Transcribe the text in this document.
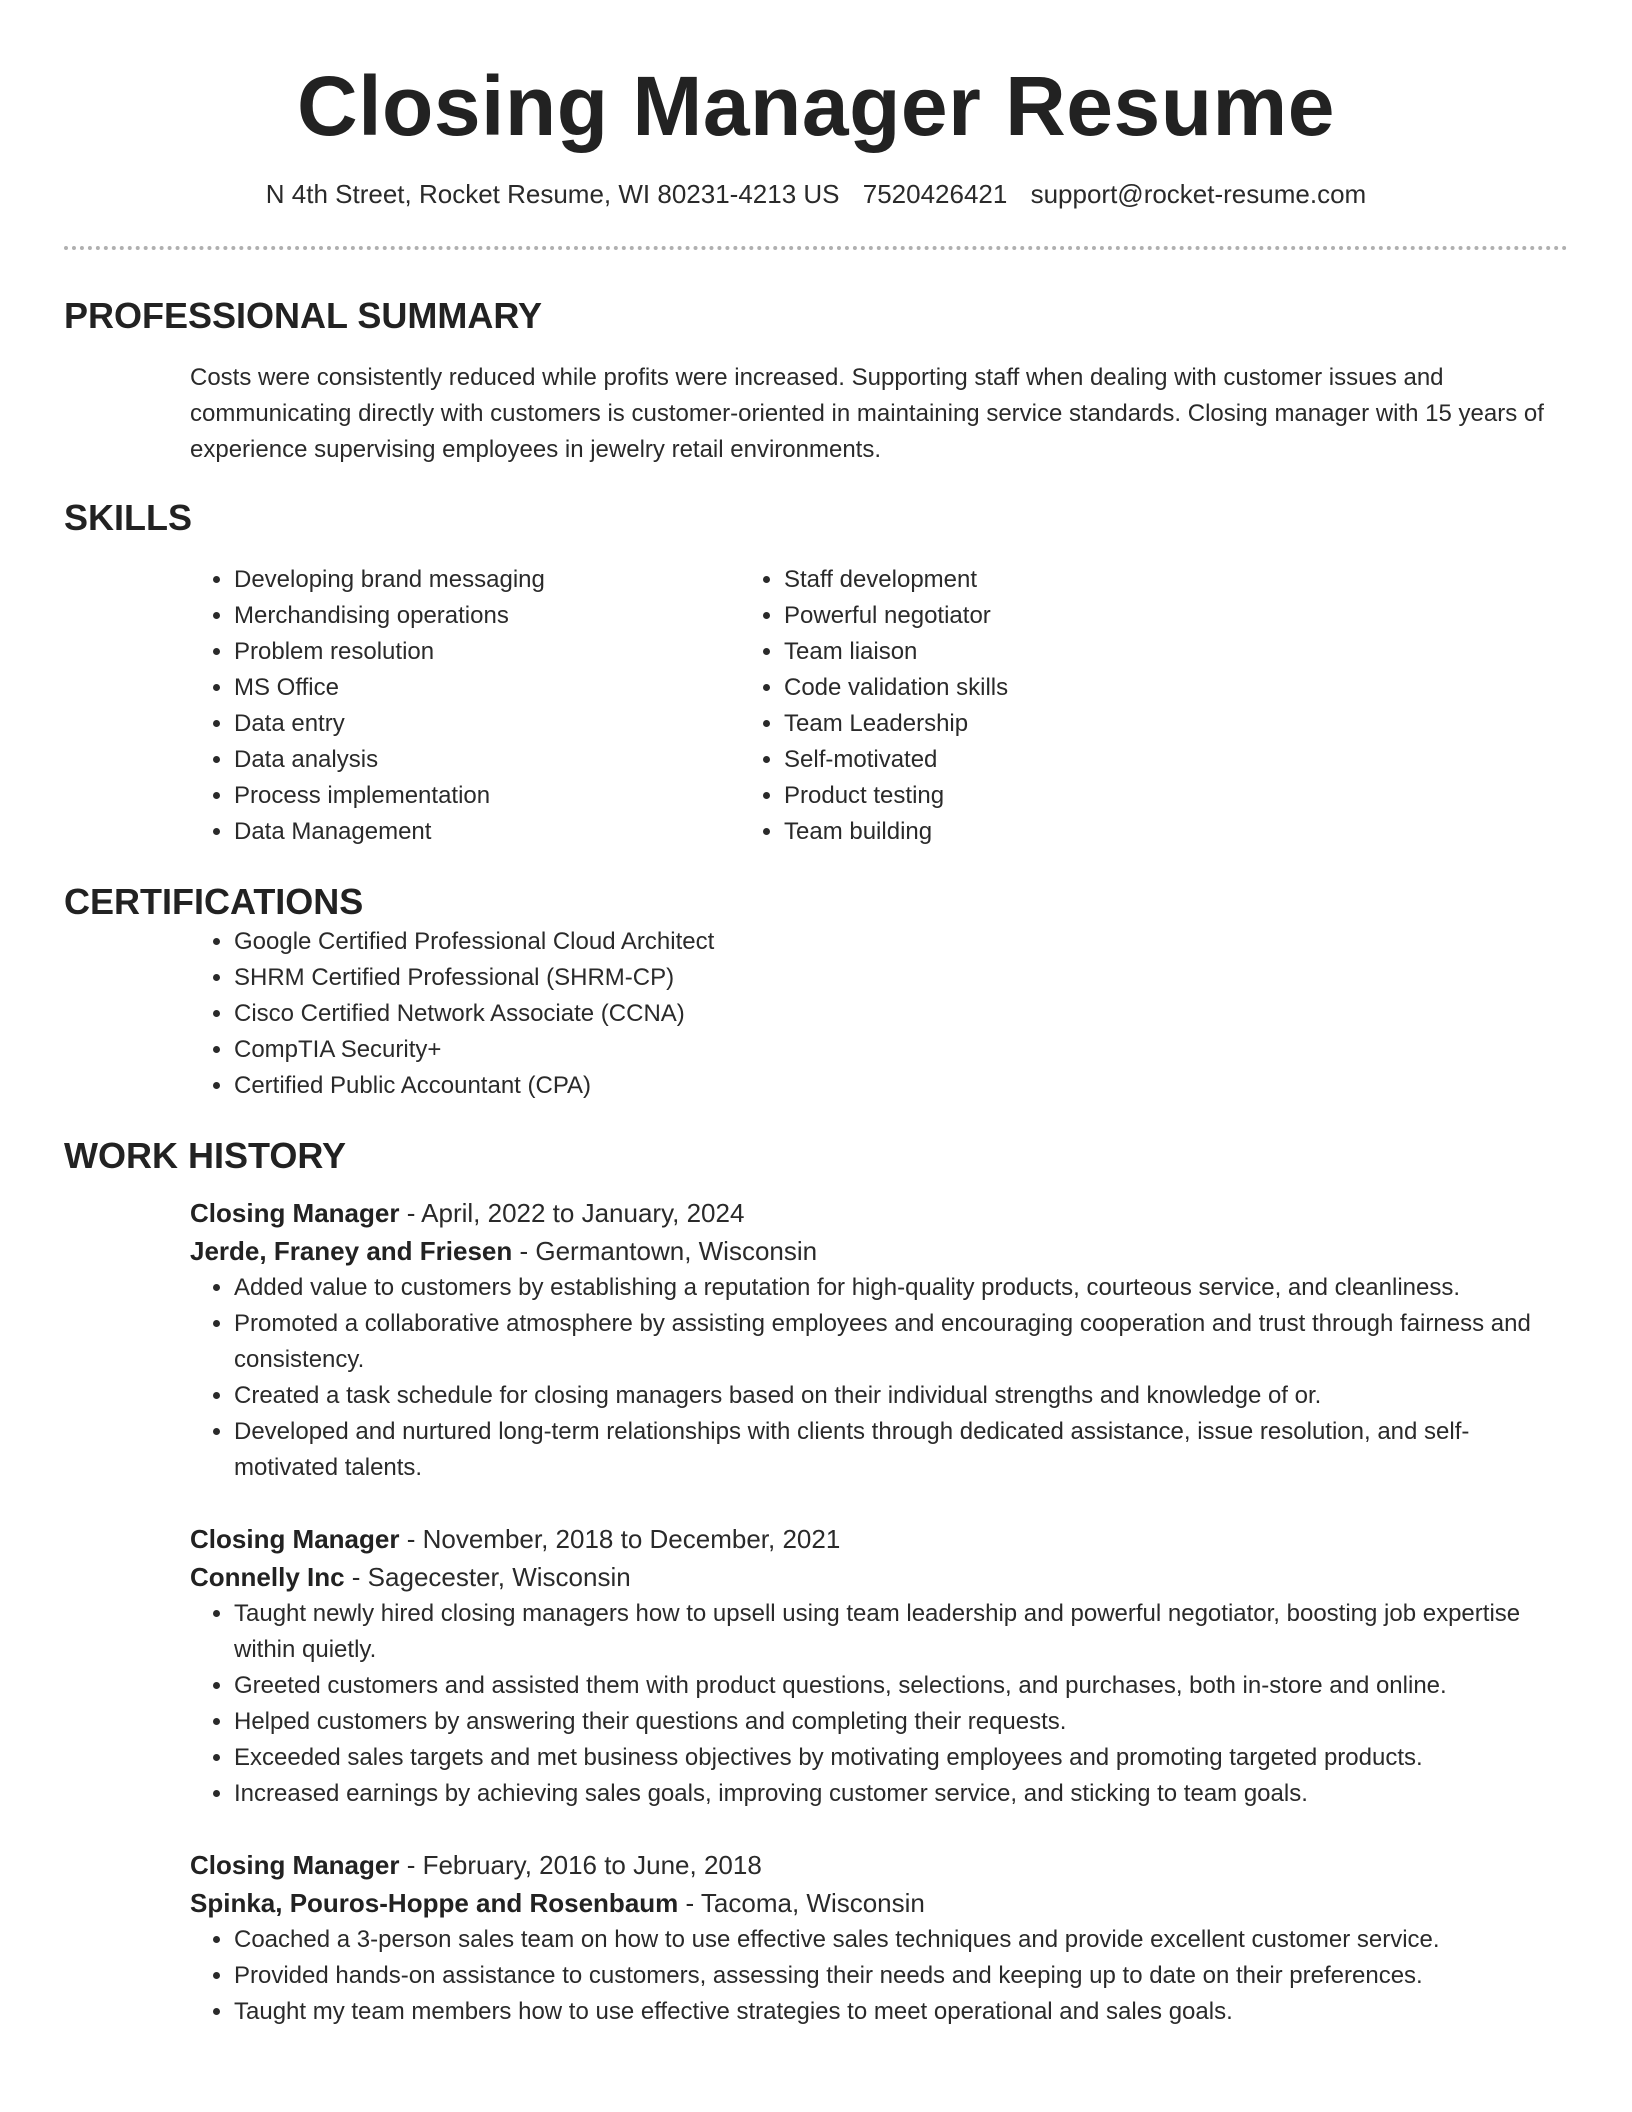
Closing Manager Resume
N 4th Street, Rocket Resume, WI 80231-4213 US 7520426421 support@rocket-resume.com
PROFESSIONAL SUMMARY

Costs were consistently reduced while profits were increased. Supporting staff when dealing with customer issues and communicating directly with customers is customer-oriented in maintaining service standards. Closing manager with 15 years of experience supervising employees in jewelry retail environments.

SKILLS
• Developing brand messaging
• Merchandising operations
• Problem resolution
• MS Office
• Data entry
• Data analysis
• Process implementation
• Data Management
• Staff development
• Powerful negotiator
• Team liaison
• Code validation skills
• Team Leadership
• Self-motivated
• Product testing
• Team building
CERTIFICATIONS
• Google Certified Professional Cloud Architect
• SHRM Certified Professional (SHRM-CP)
• Cisco Certified Network Associate (CCNA)
• CompTIA Security+
• Certified Public Accountant (CPA)
WORK HISTORY
Closing Manager - April, 2022 to January, 2024
Jerde, Franey and Friesen - Germantown, Wisconsin
• Added value to customers by establishing a reputation for high-quality products, courteous service, and cleanliness.
• Promoted a collaborative atmosphere by assisting employees and encouraging cooperation and trust through fairness and consistency.
• Created a task schedule for closing managers based on their individual strengths and knowledge of or.
• Developed and nurtured long-term relationships with clients through dedicated assistance, issue resolution, and self-motivated talents.
Closing Manager - November, 2018 to December, 2021
Connelly Inc - Sagecester, Wisconsin
• Taught newly hired closing managers how to upsell using team leadership and powerful negotiator, boosting job expertise within quietly.
• Greeted customers and assisted them with product questions, selections, and purchases, both in-store and online.
• Helped customers by answering their questions and completing their requests.
• Exceeded sales targets and met business objectives by motivating employees and promoting targeted products.
• Increased earnings by achieving sales goals, improving customer service, and sticking to team goals.
Closing Manager - February, 2016 to June, 2018
Spinka, Pouros-Hoppe and Rosenbaum - Tacoma, Wisconsin
• Coached a 3-person sales team on how to use effective sales techniques and provide excellent customer service.
• Provided hands-on assistance to customers, assessing their needs and keeping up to date on their preferences.
• Taught my team members how to use effective strategies to meet operational and sales goals.
